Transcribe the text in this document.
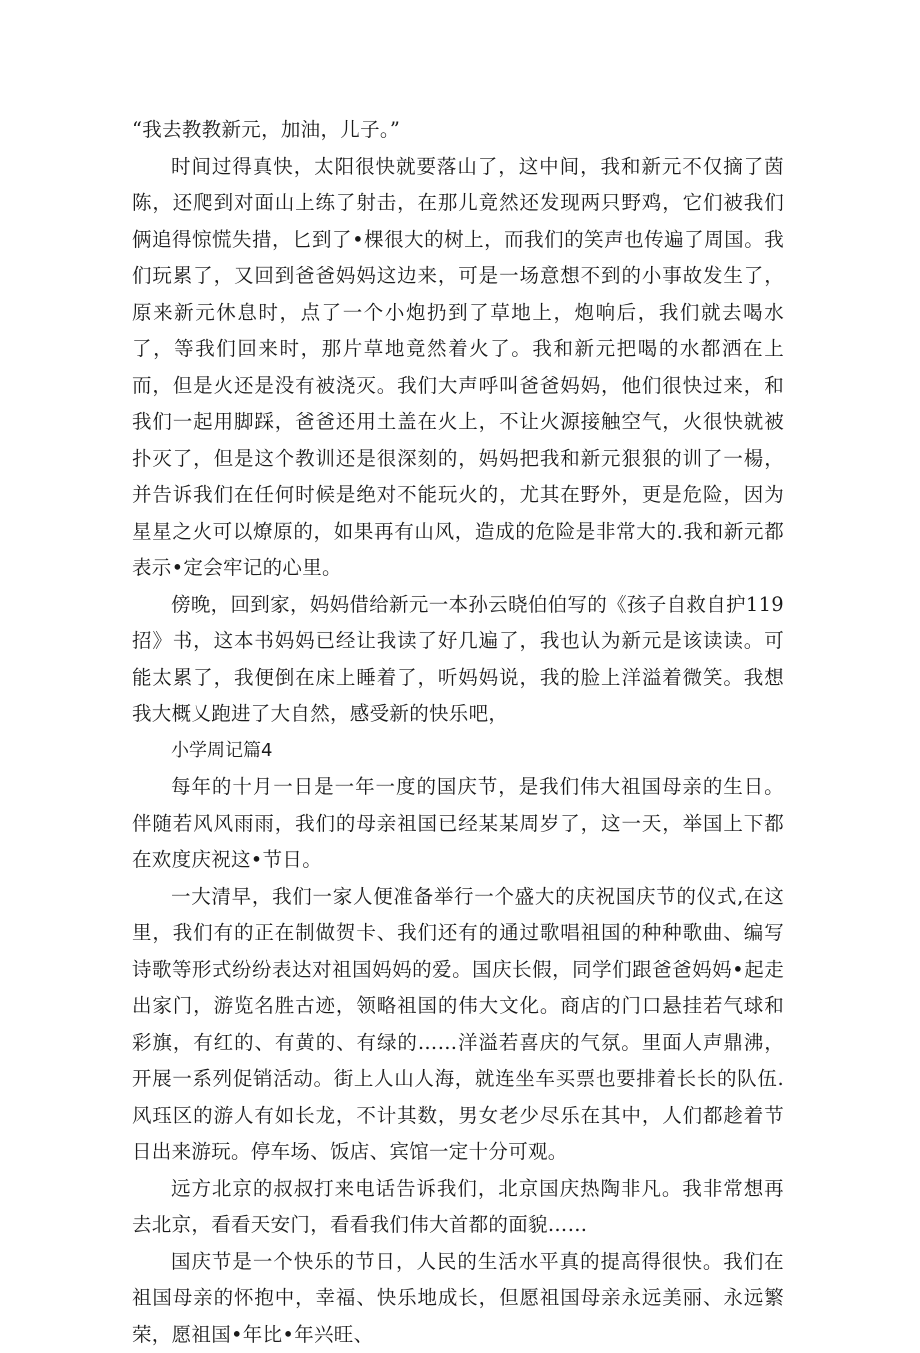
“我去教教新元，加油，儿子。”

时间过得真快，太阳很快就要落山了，这中间，我和新元不仅摘了茵陈，还爬到对面山上练了射击，在那儿竟然还发现两只野鸡，它们被我们俩追得惊慌失措，匕到了•棵很大的树上，而我们的笑声也传遍了周国。我们玩累了，又回到爸爸妈妈这边来，可是一场意想不到的小事故发生了，原来新元休息时，点了一个小炮扔到了草地上，炮响后，我们就去喝水了，等我们回来时，那片草地竟然着火了。我和新元把喝的水都洒在上而，但是火还是没有被浇灭。我们大声呼叫爸爸妈妈，他们很快过来，和我们一起用脚踩，爸爸还用土盖在火上，不让火源接触空气，火很快就被扑灭了，但是这个教训还是很深刻的，妈妈把我和新元狠狠的训了一楊，并告诉我们在任何时候是绝对不能玩火的，尤其在野外，更是危险，因为星星之火可以燎原的，如果再有山风，造成的危险是非常大的.我和新元都表示•定会牢记的心里。

傍晚，回到家，妈妈借给新元一本孙云晓伯伯写的《孩子自救自护119招》书，这本书妈妈已经让我读了好几遍了，我也认为新元是该读读。可能太累了，我便倒在床上睡着了，听妈妈说，我的脸上洋溢着微笑。我想我大概乂跑进了大自然，感受新的快乐吧，

小学周记篇4

每年的十月一日是一年一度的国庆节，是我们伟大祖国母亲的生日。伴随若风风雨雨，我们的母亲祖国已经某某周岁了，这一天，举国上下都在欢度庆祝这•节日。

一大清早，我们一家人便准备举行一个盛大的庆祝国庆节的仪式,在这里，我们有的正在制做贺卡、我们还有的通过歌唱祖国的种种歌曲、编写诗歌等形式纷纷表达对祖国妈妈的爱。国庆长假，同学们跟爸爸妈妈•起走出家门，游览名胜古迹，领略祖国的伟大文化。商店的门口悬挂若气球和彩旗，有红的、有黄的、有绿的……洋溢若喜庆的气氛。里面人声鼎沸，开展一系列促销活动。街上人山人海，就连坐车买票也要排着长长的队伍.风珏区的游人有如长龙，不计其数，男女老少尽乐在其中，人们都趁着节日出来游玩。停车场、饭店、宾馆一定十分可观。

远方北京的叔叔打来电话告诉我们，北京国庆热陶非凡。我非常想再去北京，看看天安门，看看我们伟大首都的面貌……

国庆节是一个快乐的节日，人民的生活水平真的提高得很快。我们在祖国母亲的怀抱中，幸福、快乐地成长，但愿祖国母亲永远美丽、永远繁荣，愿祖国•年比•年兴旺、
